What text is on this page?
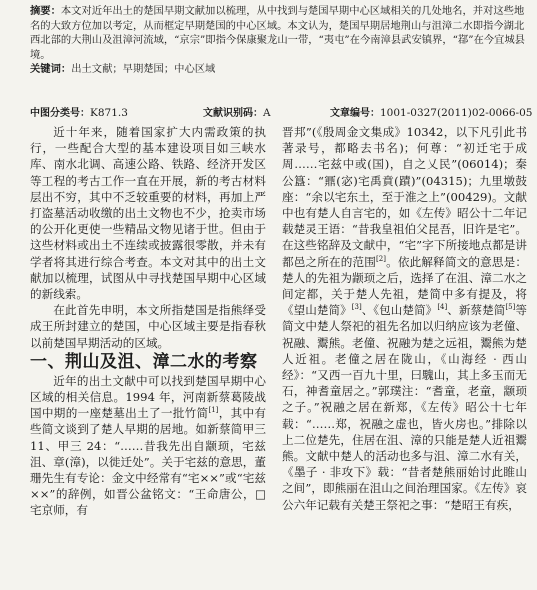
摘要：本文对近年出土的楚国早期文献加以梳理，从中找到与楚国早期中心区域相关的几处地名，并对这些地名的大致方位加以考定，从而框定早期楚国的中心区域。本文认为，楚国早期居地荆山与沮漳二水即指今湖北西北部的大荆山及沮漳河流域，“京宗”即指今保康聚龙山一带，“夷屯”在今南漳县武安镇界，“鄀”在今宜城县境。

关键词：出土文献；早期楚国；中心区域

中图分类号：K871.3	文献识别码：A	文章编号：1001-0327(2011)02-0066-05

近十年来，随着国家扩大内需政策的执行，一些配合大型的基本建设项目如三峡水库、南水北调、高速公路、铁路、经济开发区等工程的考古工作一直在开展，新的考古材料层出不穷，其中不乏较重要的材料，再加上严打盗墓活动收缴的出土文物也不少，抢卖市场的公开化更使一些精品文物见诸于世。但由于这些材料或出土不连续或披露很零散，并未有学者将其进行综合考查。本文对其中的出土文献加以梳理，试图从中寻找楚国早期中心区域的新线索。

在此首先申明，本文所指楚国是指熊绎受成王所封建立的楚国，中心区域主要是指春秋以前楚国早期活动的区域。

一、荆山及沮、漳二水的考察

近年的出土文献中可以找到楚国早期中心区域的相关信息。1994 年，河南新蔡葛陵战国中期的一座楚墓出土了一批竹简[1]，其中有些简文谈到了楚人早期的居地。如新蔡简甲三 11、甲三 24：“……昔我先出自颛顼，宅兹沮、章(漳)，以徙迁处”。关于宅兹的意思，董珊先生有专论：金文中经常有“宅××”或“宅兹××”的辞例，如晋公盆铭文：“王命唐公，□宅京师，有

晋邦”(《殷周金文集成》10342，以下凡引此书著录号，都略去书名)；何尊：“初迁宅于成周……宅兹中或(国)，自之乂民”(06014)；秦公簋：“鼏(宓)宅禹賁(蹟)”(04315)；九里墩鼓座：“余以宅东土，至于淮之上”(00429)。文献中也有楚人自言宅的，如《左传》昭公十二年记载楚灵王语：“昔我皇祖伯父昆吾，旧许是宅”。在这些铭辞及文献中，“宅”字下所接地点都是讲都邑之所在的范围[2]。依此解释简文的意思是：楚人的先祖为颛顼之后，选择了在沮、漳二水之间定都，关于楚人先祖，楚简中多有提及，将《望山楚简》[3]、《包山楚简》[4]、新蔡楚简[5]等简文中楚人祭祀的祖先名加以归纳应该为老僮、祝融、鬻熊。老僮、祝融为楚之远祖，鬻熊为楚人近祖。老僮之居在陇山，《山海经 · 西山经》：“又西一百九十里，曰騩山，其上多玉而无石，神耆童居之。”郭璞注：“耆童，老童，颛顼之子。”祝融之居在新郑，《左传》昭公十七年载：“……郑，祝融之虚也，皆火房也。”排除以上二位楚先，住居在沮、漳的只能是楚人近祖鬻熊。文献中楚人的活动也多与沮、漳二水有关，《墨子 · 非攻下》载：“昔者楚熊丽始讨此睢山之间”，即熊丽在沮山之间治理国家。《左传》哀公六年记载有关楚王祭祀之事：“楚昭王有疾，
